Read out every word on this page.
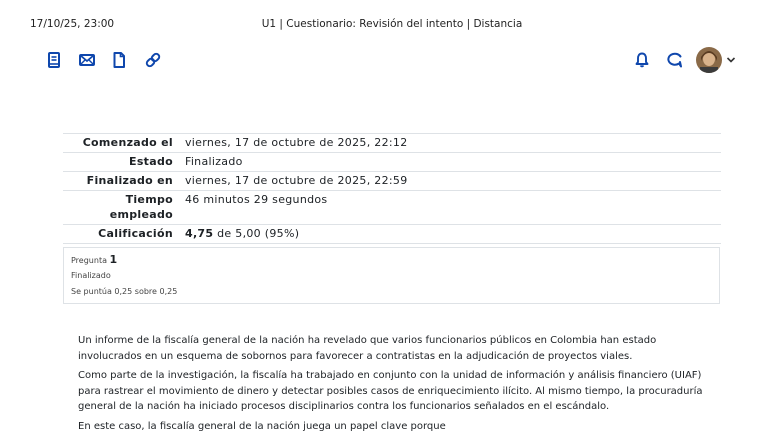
17/10/25, 23:00	U1 | Cuestionario: Revisión del intento | Distancia
Comenzado el	viernes, 17 de octubre de 2025, 22:12
Estado	Finalizado
Finalizado en	viernes, 17 de octubre de 2025, 22:59
Tiempo empleado	46 minutos 29 segundos
Calificación	4,75 de 5,00 (95%)
Pregunta 1
Finalizado
Se puntúa 0,25 sobre 0,25

Un informe de la fiscalía general de la nación ha revelado que varios funcionarios públicos en Colombia han estado involucrados en un esquema de sobornos para favorecer a contratistas en la adjudicación de proyectos viales.

Como parte de la investigación, la fiscalía ha trabajado en conjunto con la unidad de información y análisis financiero (UIAF) para rastrear el movimiento de dinero y detectar posibles casos de enriquecimiento ilícito. Al mismo tiempo, la procuraduría general de la nación ha iniciado procesos disciplinarios contra los funcionarios señalados en el escándalo.

En este caso, la fiscalía general de la nación juega un papel clave porque
